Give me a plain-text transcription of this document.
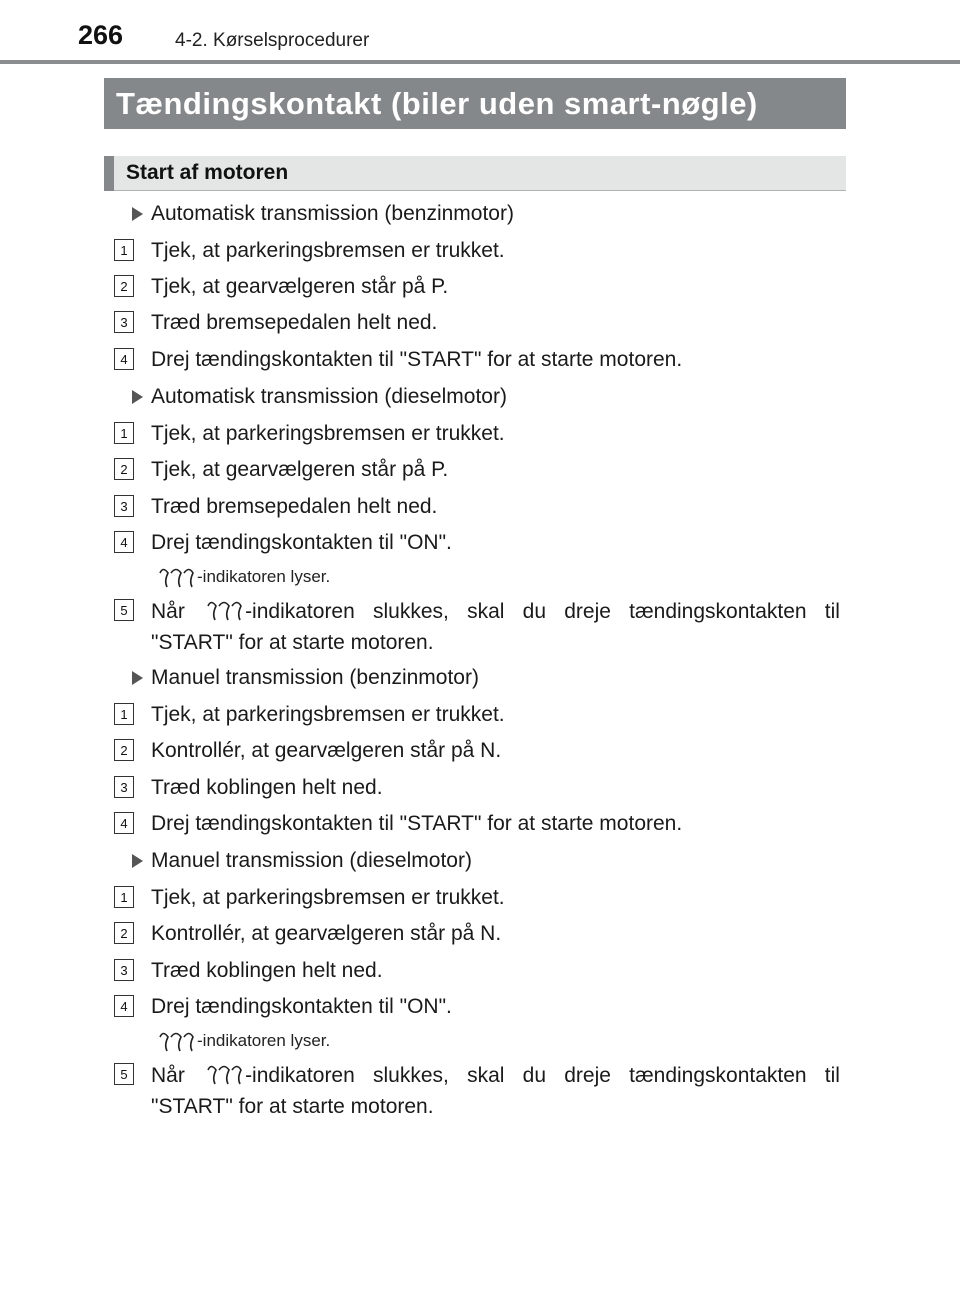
266	4-2. Kørselsprocedurer
Tændingskontakt (biler uden smart-nøgle)
Start af motoren
Automatisk transmission (benzinmotor)
1	Tjek, at parkeringsbremsen er trukket.
2	Tjek, at gearvælgeren står på P.
3	Træd bremsepedalen helt ned.
4	Drej tændingskontakten til "START" for at starte motoren.
Automatisk transmission (dieselmotor)
1	Tjek, at parkeringsbremsen er trukket.
2	Tjek, at gearvælgeren står på P.
3	Træd bremsepedalen helt ned.
4	Drej tændingskontakten til "ON".
-indikatoren lyser.
5	Når	-indikatoren slukkes, skal du dreje tændingskontakten til "START" for at starte motoren.
Manuel transmission (benzinmotor)
1	Tjek, at parkeringsbremsen er trukket.
2	Kontrollér, at gearvælgeren står på N.
3	Træd koblingen helt ned.
4	Drej tændingskontakten til "START" for at starte motoren.
Manuel transmission (dieselmotor)
1	Tjek, at parkeringsbremsen er trukket.
2	Kontrollér, at gearvælgeren står på N.
3	Træd koblingen helt ned.
4	Drej tændingskontakten til "ON".
-indikatoren lyser.
5	Når	-indikatoren slukkes, skal du dreje tændingskontakten til "START" for at starte motoren.
